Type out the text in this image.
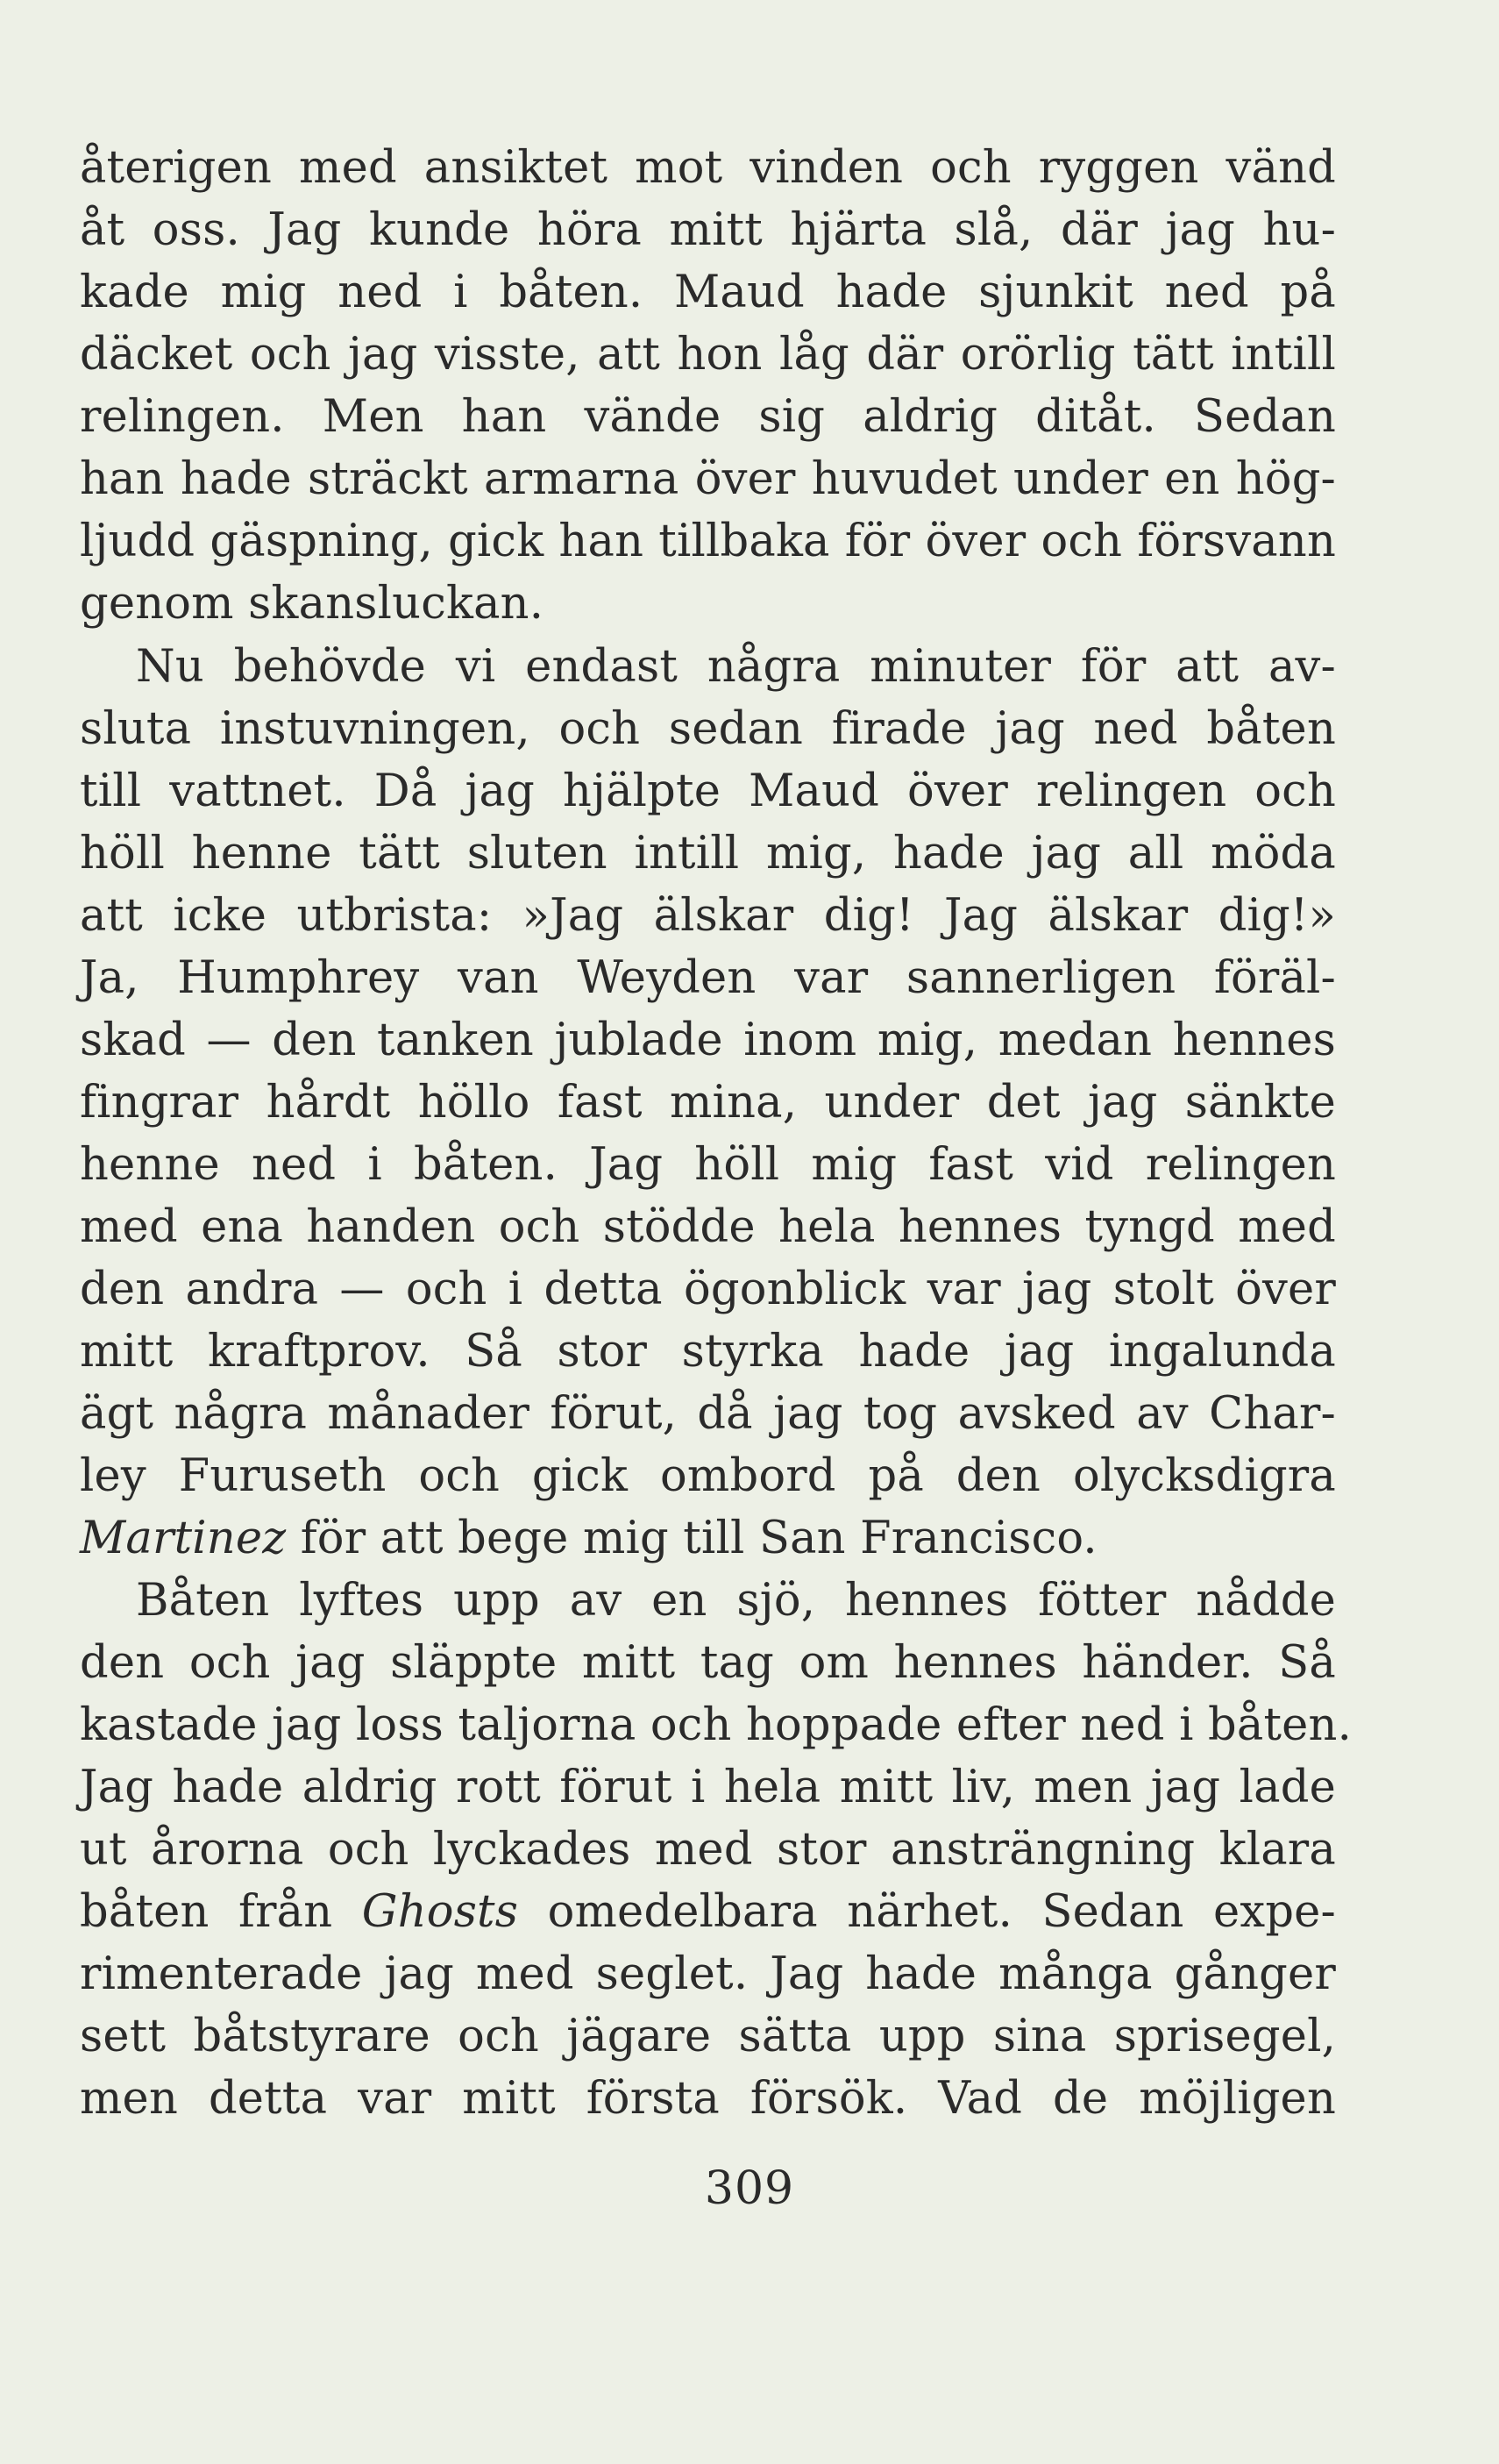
återigen med ansiktet mot vinden och ryggen vänd
åt oss. Jag kunde höra mitt hjärta slå, där jag hu-
kade mig ned i båten. Maud hade sjunkit ned på
däcket och jag visste, att hon låg där orörlig tätt intill
relingen. Men han vände sig aldrig ditåt. Sedan
han hade sträckt armarna över huvudet under en hög-
ljudd gäspning, gick han tillbaka för över och försvann
genom skansluckan.
Nu behövde vi endast några minuter för att av-
sluta instuvningen, och sedan firade jag ned båten
till vattnet. Då jag hjälpte Maud över relingen och
höll henne tätt sluten intill mig, hade jag all möda
att icke utbrista: »Jag älskar dig! Jag älskar dig!»
Ja, Humphrey van Weyden var sannerligen föräl-
skad — den tanken jublade inom mig, medan hennes
fingrar hårdt höllo fast mina, under det jag sänkte
henne ned i båten. Jag höll mig fast vid relingen
med ena handen och stödde hela hennes tyngd med
den andra — och i detta ögonblick var jag stolt över
mitt kraftprov. Så stor styrka hade jag ingalunda
ägt några månader förut, då jag tog avsked av Char-
ley Furuseth och gick ombord på den olycksdigra
Martinez för att bege mig till San Francisco.
Båten lyftes upp av en sjö, hennes fötter nådde
den och jag släppte mitt tag om hennes händer. Så
kastade jag loss taljorna och hoppade efter ned i båten.
Jag hade aldrig rott förut i hela mitt liv, men jag lade
ut årorna och lyckades med stor ansträngning klara
båten från Ghosts omedelbara närhet. Sedan expe-
rimenterade jag med seglet. Jag hade många gånger
sett båtstyrare och jägare sätta upp sina sprisegel,
men detta var mitt första försök. Vad de möjligen
309
